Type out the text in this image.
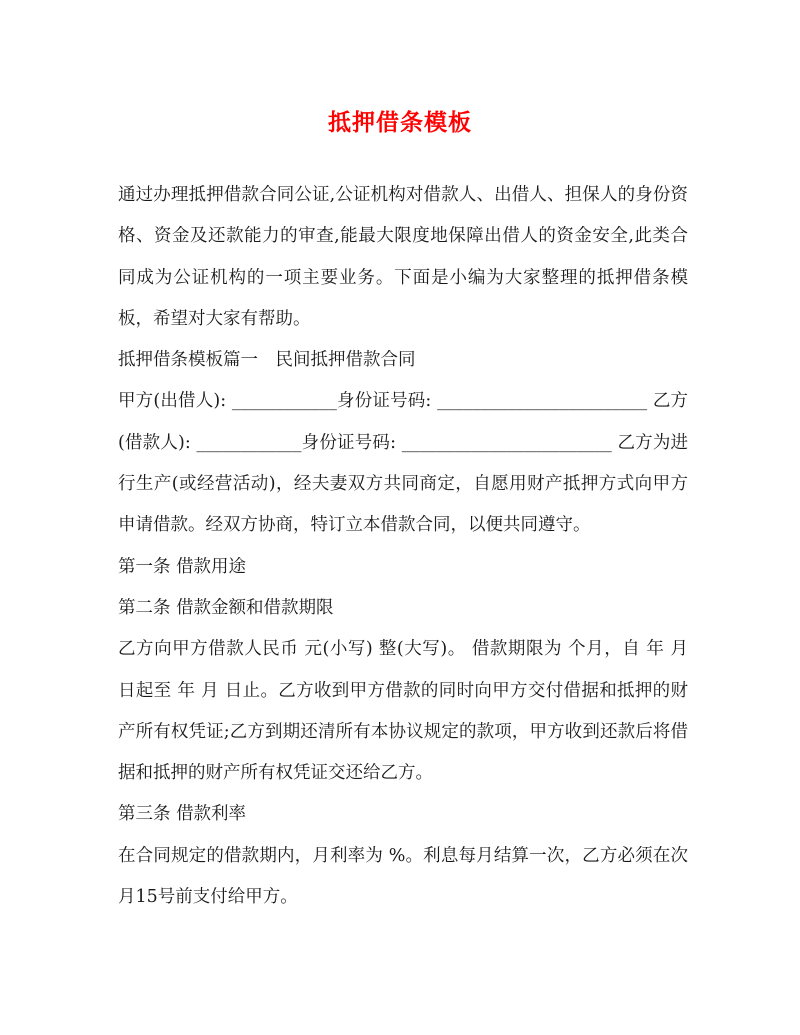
抵押借条模板

通过办理抵押借款合同公证,公证机构对借款人、出借人、担保人的身份资格、资金及还款能力的审查,能最大限度地保障出借人的资金安全,此类合同成为公证机构的一项主要业务。下面是小编为大家整理的抵押借条模板，希望对大家有帮助。

抵押借条模板篇一　民间抵押借款合同

甲方(出借人): ____________身份证号码: ________________________ 乙方(借款人): ____________身份证号码: ________________________ 乙方为进行生产(或经营活动)，经夫妻双方共同商定，自愿用财产抵押方式向甲方申请借款。经双方协商，特订立本借款合同，以便共同遵守。

第一条 借款用途

第二条 借款金额和借款期限

乙方向甲方借款人民币 元(小写) 整(大写)。 借款期限为 个月，自 年 月 日起至 年 月 日止。乙方收到甲方借款的同时向甲方交付借据和抵押的财产所有权凭证;乙方到期还清所有本协议规定的款项，甲方收到还款后将借据和抵押的财产所有权凭证交还给乙方。

第三条 借款利率

在合同规定的借款期内，月利率为 %。利息每月结算一次，乙方必须在次月15号前支付给甲方。
